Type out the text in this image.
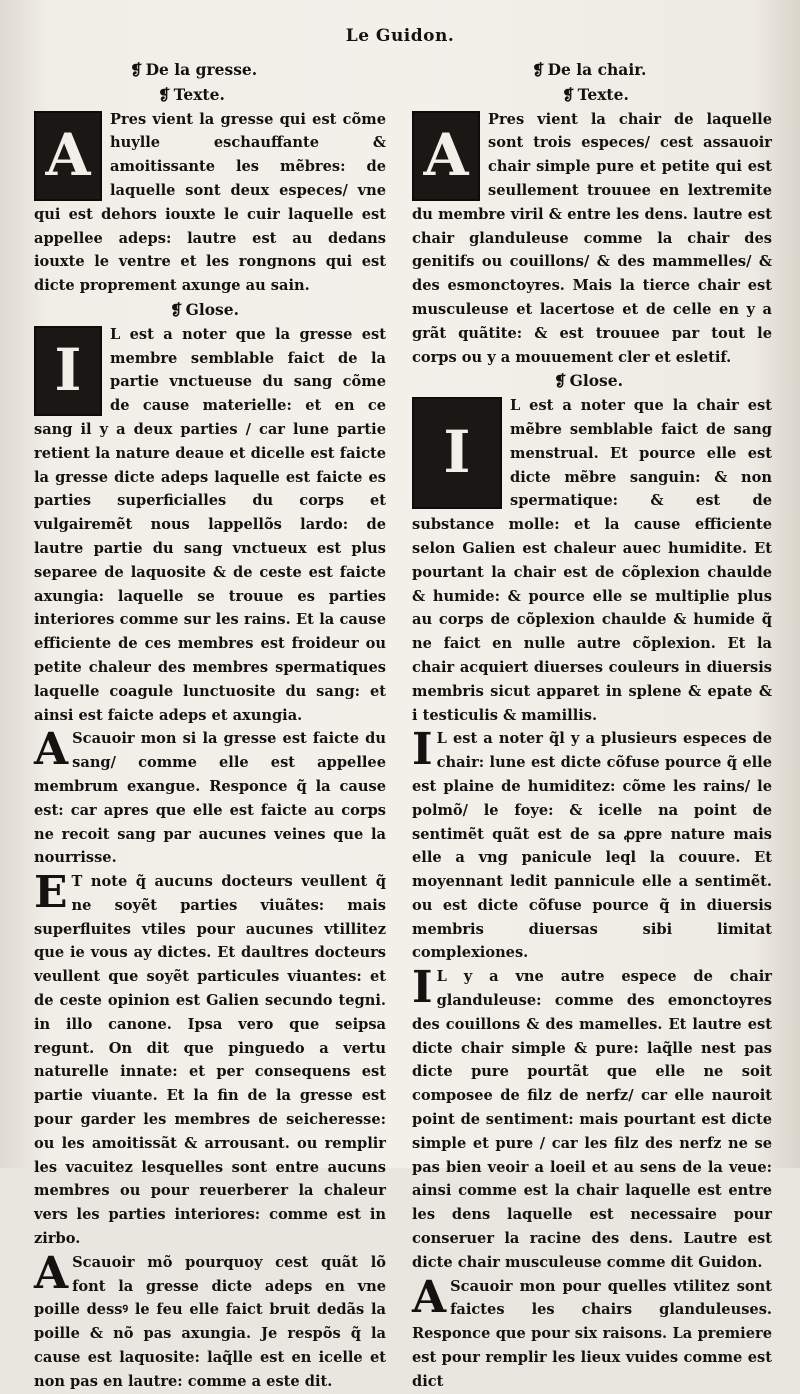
Le Guidon.
❡ De la gresse.
❡ Texte.

A
Pres vient la gresse qui est cõme huylle eschauffante & amoitissante les mẽbres: de laquelle sont deux especes/ vne qui est dehors iouxte le cuir laquelle est appellee adeps: lautre est au dedans iouxte le ventre et les rongnons qui est dicte proprement axunge au sain.

❡ Glose.

I
L est a noter que la gresse est membre semblable faict de la partie vnctueuse du sang cõme de cause materielle: et en ce sang il y a deux parties / car lune partie retient la nature deaue et dicelle est faicte la gresse dicte adeps laquelle est faicte es parties superficialles du corps et vulgairemẽt nous lappellõs lardo: de lautre partie du sang vnctueux est plus separee de laquosite & de ceste est faicte axungia: laquelle se trouue es parties interiores comme sur les rains. Et la cause efficiente de ces membres est froideur ou petite chaleur des membres spermatiques laquelle coagule lunctuosite du sang: et ainsi est faicte adeps et axungia.

A Scauoir mon si la gresse est faicte du sang/ comme elle est appellee membrum exangue. Responce q̃ la cause est: car apres que elle est faicte au corps ne recoit sang par aucunes veines que la nourrisse.

E T note q̃ aucuns docteurs veullent q̃ ne soyẽt parties viuãtes: mais superfluites vtiles pour aucunes vtillitez que ie vous ay dictes. Et daultres docteurs veullent que soyẽt particules viuantes: et de ceste opinion est Galien secundo tegni. in illo canone. Ipsa vero que seipsa regunt. On dit que pinguedo a vertu naturelle innate: et per consequens est partie viuante. Et la fin de la gresse est pour garder les membres de seicheresse: ou les amoitissãt & arrousant. ou remplir les vacuitez lesquelles sont entre aucuns membres ou pour reuerberer la chaleur vers les parties interiores: comme est in zirbo.

A Scauoir mõ pourquoy cest quãt lõ font la gresse dicte adeps en vne poille dessꝰ le feu elle faict bruit dedãs la poille & nõ pas axungia. Je respõs q̃ la cause est laquosite: laq̃lle est en icelle et non pas en lautre: comme a este dit.

❡ De la chair.
❡ Texte.

A
Pres vient la chair de laquelle sont trois especes/ cest assauoir chair simple pure et petite qui est seullement trouuee en lextremite du membre viril & entre les dens. lautre est chair glanduleuse comme la chair des genitifs ou couillons/ & des mammelles/ & des esmonctoyres. Mais la tierce chair est musculeuse et lacertose et de celle en y a grãt quãtite: & est trouuee par tout le corps ou y a mouuement cler et esletif.

❡ Glose.

I
L est a noter que la chair est mẽbre semblable faict de sang menstrual. Et pource elle est dicte mẽbre sanguin: & non spermatique: & est de substance molle: et la cause efficiente selon Galien est chaleur auec humidite. Et pourtant la chair est de cõplexion chaulde & humide: & pource elle se multiplie plus au corps de cõplexion chaulde & humide q̃ ne faict en nulle autre cõplexion. Et la chair acquiert diuerses couleurs in diuersis membris sicut apparet in splene & epate & i testiculis & mamillis.

I L est a noter q̃l y a plusieurs especes de chair: lune est dicte cõfuse pource q̃ elle est plaine de humiditez: cõme les rains/ le polmõ/ le foye: & icelle na point de sentimẽt quãt est de sa ꝓpre nature mais elle a vng panicule leql la couure. Et moyennant ledit pannicule elle a sentimẽt. ou est dicte cõfuse pource q̃ in diuersis membris diuersas sibi limitat complexiones.

I L y a vne autre espece de chair glanduleuse: comme des emonctoyres des couillons & des mamelles. Et lautre est dicte chair simple & pure: laq̃lle nest pas dicte pure pourtãt que elle ne soit composee de filz de nerfz/ car elle nauroit point de sentiment: mais pourtant est dicte simple et pure / car les filz des nerfz ne se pas bien veoir a loeil et au sens de la veue: ainsi comme est la chair laquelle est entre les dens laquelle est necessaire pour conseruer la racine des dens. Lautre est dicte chair musculeuse comme dit Guidon.

A Scauoir mon pour quelles vtilitez sont faictes les chairs glanduleuses. Responce que pour six raisons. La premiere est pour remplir les lieux vuides comme est dict
